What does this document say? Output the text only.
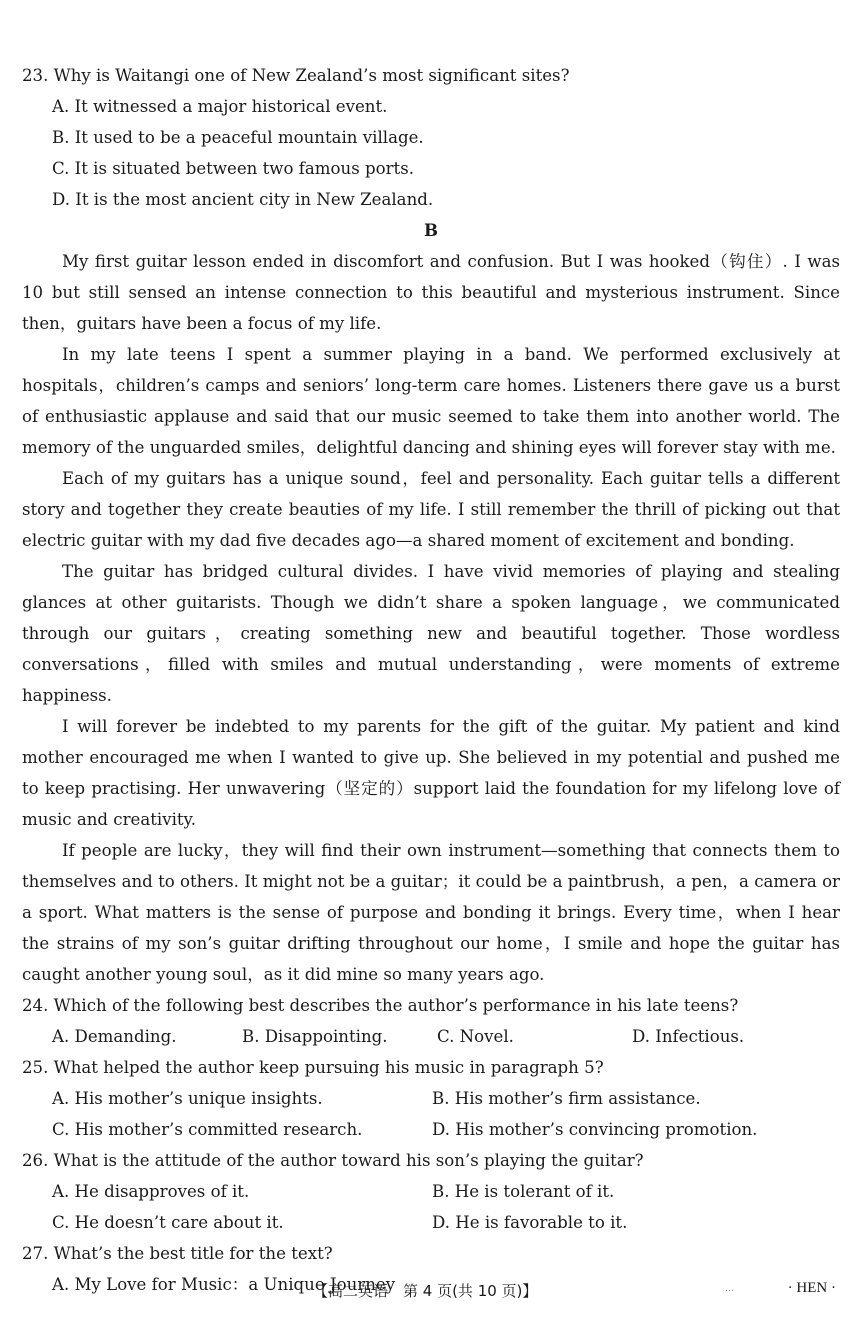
23. Why is Waitangi one of New Zealand’s most significant sites?
A. It witnessed a major historical event.
B. It used to be a peaceful mountain village.
C. It is situated between two famous ports.
D. It is the most ancient city in New Zealand.
B

My first guitar lesson ended in discomfort and confusion. But I was hooked（钩住）. I was 10 but still sensed an intense connection to this beautiful and mysterious instrument. Since then，guitars have been a focus of my life.

In my late teens I spent a summer playing in a band. We performed exclusively at hospitals，children’s camps and seniors’ long-term care homes. Listeners there gave us a burst of enthusiastic applause and said that our music seemed to take them into another world. The memory of the unguarded smiles，delightful dancing and shining eyes will forever stay with me.

Each of my guitars has a unique sound，feel and personality. Each guitar tells a different story and together they create beauties of my life. I still remember the thrill of picking out that electric guitar with my dad five decades ago—a shared moment of excitement and bonding.

The guitar has bridged cultural divides. I have vivid memories of playing and stealing glances at other guitarists. Though we didn’t share a spoken language，we communicated through our guitars，creating something new and beautiful together. Those wordless conversations，filled with smiles and mutual understanding，were moments of extreme happiness.

I will forever be indebted to my parents for the gift of the guitar. My patient and kind mother encouraged me when I wanted to give up. She believed in my potential and pushed me to keep practising. Her unwavering（坚定的）support laid the foundation for my lifelong love of music and creativity.

If people are lucky，they will find their own instrument—something that connects them to themselves and to others. It might not be a guitar；it could be a paintbrush，a pen，a camera or a sport. What matters is the sense of purpose and bonding it brings. Every time，when I hear the strains of my son’s guitar drifting throughout our home，I smile and hope the guitar has caught another young soul，as it did mine so many years ago.

24. Which of the following best describes the author’s performance in his late teens?
A. Demanding.	B. Disappointing.	C. Novel.	D. Infectious.
25. What helped the author keep pursuing his music in paragraph 5?
A. His mother’s unique insights.	B. His mother’s firm assistance.
C. His mother’s committed research.	D. His mother’s convincing promotion.
26. What is the attitude of the author toward his son’s playing the guitar?
A. He disapproves of it.	B. He is tolerant of it.
C. He doesn’t care about it.	D. He is favorable to it.
27. What’s the best title for the text?
A. My Love for Music：a Unique Journey
【高二英语　第 4 页(共 10 页)】	…	· HEN ·
